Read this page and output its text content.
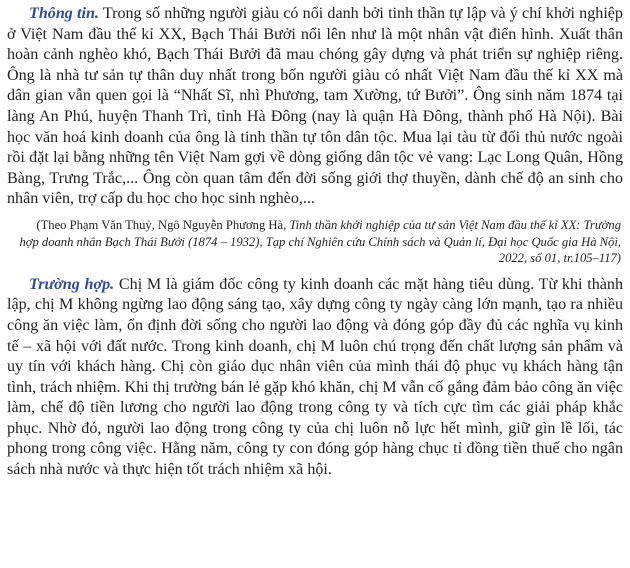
Thông tin. Trong số những người giàu có nổi danh bởi tinh thần tự lập và ý chí khởi nghiệp ở Việt Nam đầu thế kỉ XX, Bạch Thái Bưởi nổi lên như là một nhân vật điển hình. Xuất thân hoàn cảnh nghèo khó, Bạch Thái Bưởi đã mau chóng gây dựng và phát triển sự nghiệp riêng. Ông là nhà tư sản tự thân duy nhất trong bốn người giàu có nhất Việt Nam đầu thế kỉ XX mà dân gian vẫn quen gọi là “Nhất Sĩ, nhì Phương, tam Xường, tứ Bưởi”. Ông sinh năm 1874 tại làng An Phú, huyện Thanh Trì, tỉnh Hà Đông (nay là quận Hà Đông, thành phố Hà Nội). Bài học văn hoá kinh doanh của ông là tinh thần tự tôn dân tộc. Mua lại tàu từ đối thủ nước ngoài rồi đặt lại bằng những tên Việt Nam gợi về dòng giống dân tộc vẻ vang: Lạc Long Quân, Hồng Bàng, Trưng Trắc,... Ông còn quan tâm đến đời sống giới thợ thuyền, dành chế độ an sinh cho nhân viên, trợ cấp du học cho học sinh nghèo,...

(Theo Phạm Văn Thuỷ, Ngô Nguyễn Phương Hà, Tinh thần khởi nghiệp của tư sản Việt Nam đầu thế kỉ XX: Trường hợp doanh nhân Bạch Thái Bưởi (1874 – 1932), Tạp chí Nghiên cứu Chính sách và Quản lí, Đại học Quốc gia Hà Nội, 2022, số 01, tr.105–117)

Trường hợp. Chị M là giám đốc công ty kinh doanh các mặt hàng tiêu dùng. Từ khi thành lập, chị M không ngừng lao động sáng tạo, xây dựng công ty ngày càng lớn mạnh, tạo ra nhiều công ăn việc làm, ổn định đời sống cho người lao động và đóng góp đầy đủ các nghĩa vụ kinh tế – xã hội với đất nước. Trong kinh doanh, chị M luôn chú trọng đến chất lượng sản phẩm và uy tín với khách hàng. Chị còn giáo dục nhân viên của mình thái độ phục vụ khách hàng tận tình, trách nhiệm. Khi thị trường bán lẻ gặp khó khăn, chị M vẫn cố gắng đảm bảo công ăn việc làm, chế độ tiền lương cho người lao động trong công ty và tích cực tìm các giải pháp khắc phục. Nhờ đó, người lao động trong công ty của chị luôn nỗ lực hết mình, giữ gìn lề lối, tác phong trong công việc. Hằng năm, công ty con đóng góp hàng chục tỉ đồng tiền thuế cho ngân sách nhà nước và thực hiện tốt trách nhiệm xã hội.
